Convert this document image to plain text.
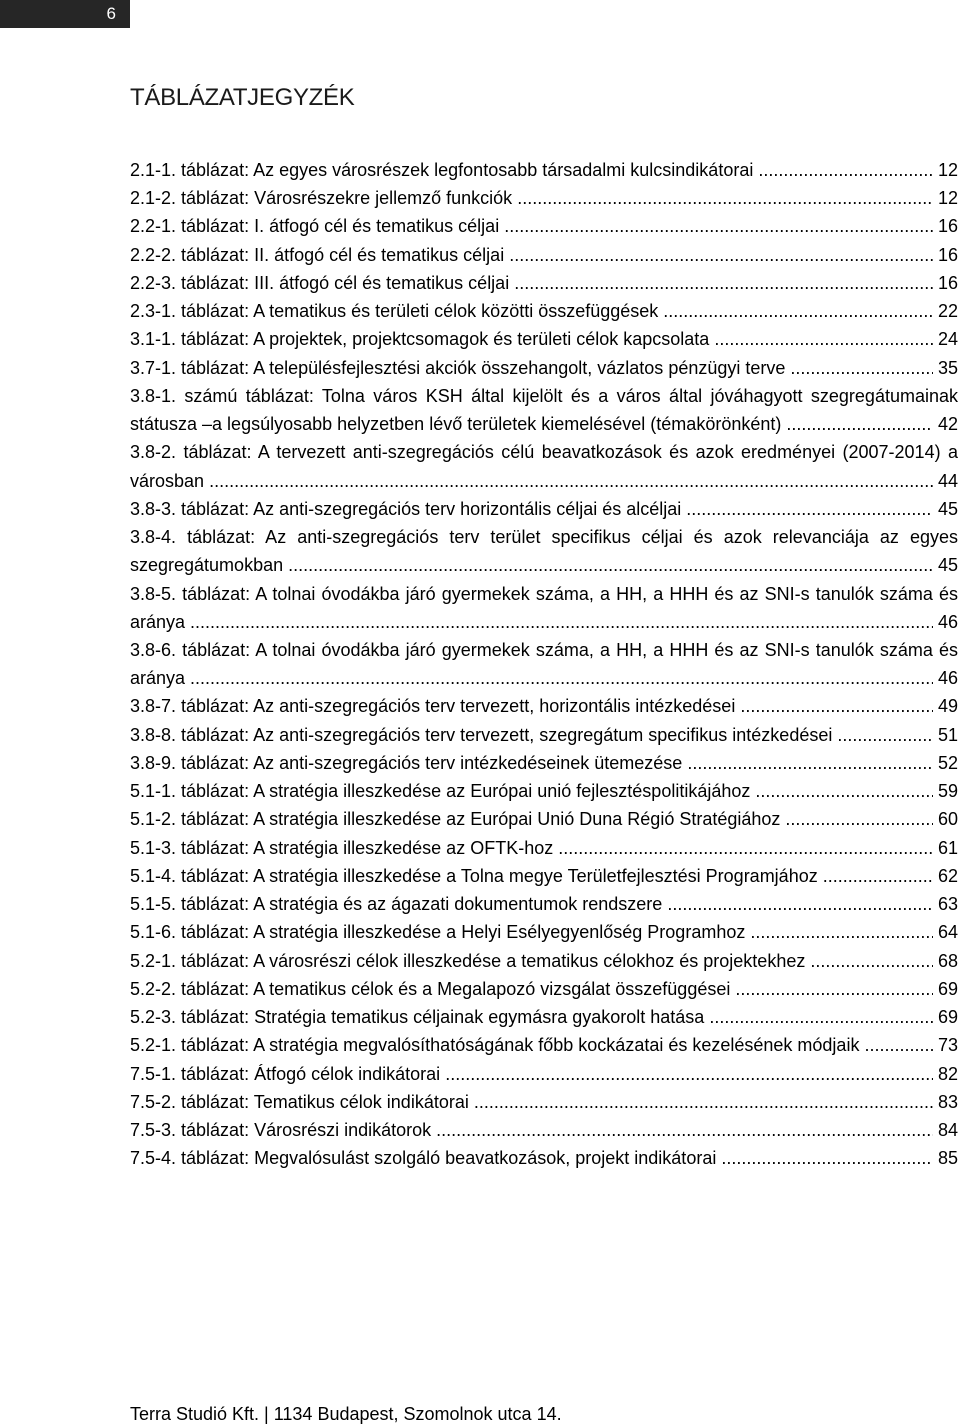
6
TÁBLÁZATJEGYZÉK
2.1-1. táblázat: Az egyes városrészek legfontosabb társadalmi kulcsindikátorai	12
2.1-2. táblázat: Városrészekre jellemző funkciók	12
2.2-1. táblázat: I. átfogó cél és tematikus céljai	16
2.2-2. táblázat: II. átfogó cél és tematikus céljai	16
2.2-3. táblázat: III. átfogó cél és tematikus céljai	16
2.3-1. táblázat: A tematikus és területi célok közötti összefüggések	22
3.1-1. táblázat: A projektek, projektcsomagok és területi célok kapcsolata	24
3.7-1. táblázat: A településfejlesztési akciók összehangolt, vázlatos pénzügyi terve	35
3.8-1. számú táblázat: Tolna város KSH által kijelölt és a város által jóváhagyott szegregátumainak státusza –a legsúlyosabb helyzetben lévő területek kiemelésével (témakörönként)	42
3.8-2. táblázat: A tervezett anti-szegregációs célú beavatkozások és azok eredményei (2007-2014) a városban	44
3.8-3. táblázat: Az anti-szegregációs terv horizontális céljai és alcéljai	45
3.8-4. táblázat: Az anti-szegregációs terv terület specifikus céljai és azok relevanciája az egyes szegregátumokban	45
3.8-5. táblázat: A tolnai óvodákba járó gyermekek száma, a HH, a HHH és az SNI-s tanulók száma és aránya	46
3.8-6. táblázat: A tolnai óvodákba járó gyermekek száma, a HH, a HHH és az SNI-s tanulók száma és aránya	46
3.8-7. táblázat: Az anti-szegregációs terv tervezett, horizontális intézkedései	49
3.8-8. táblázat: Az anti-szegregációs terv tervezett, szegregátum specifikus intézkedései	51
3.8-9. táblázat: Az anti-szegregációs terv intézkedéseinek ütemezése	52
5.1-1. táblázat: A stratégia illeszkedése az Európai unió fejlesztéspolitikájához	59
5.1-2. táblázat: A stratégia illeszkedése az Európai Unió Duna Régió Stratégiához	60
5.1-3. táblázat: A stratégia illeszkedése az OFTK-hoz	61
5.1-4. táblázat: A stratégia illeszkedése a Tolna megye Területfejlesztési Programjához	62
5.1-5. táblázat: A stratégia és az ágazati dokumentumok rendszere	63
5.1-6. táblázat: A stratégia illeszkedése a Helyi Esélyegyenlőség Programhoz	64
5.2-1. táblázat: A városrészi célok illeszkedése a tematikus célokhoz és projektekhez	68
5.2-2. táblázat: A tematikus célok és a Megalapozó vizsgálat összefüggései	69
5.2-3. táblázat: Stratégia tematikus céljainak egymásra gyakorolt hatása	69
5.2-1. táblázat: A stratégia megvalósíthatóságának főbb kockázatai és kezelésének módjaik	73
7.5-1. táblázat: Átfogó célok indikátorai	82
7.5-2. táblázat: Tematikus célok indikátorai	83
7.5-3. táblázat: Városrészi indikátorok	84
7.5-4. táblázat: Megvalósulást szolgáló beavatkozások, projekt indikátorai	85
Terra Studió Kft. | 1134 Budapest, Szomolnok utca 14.
